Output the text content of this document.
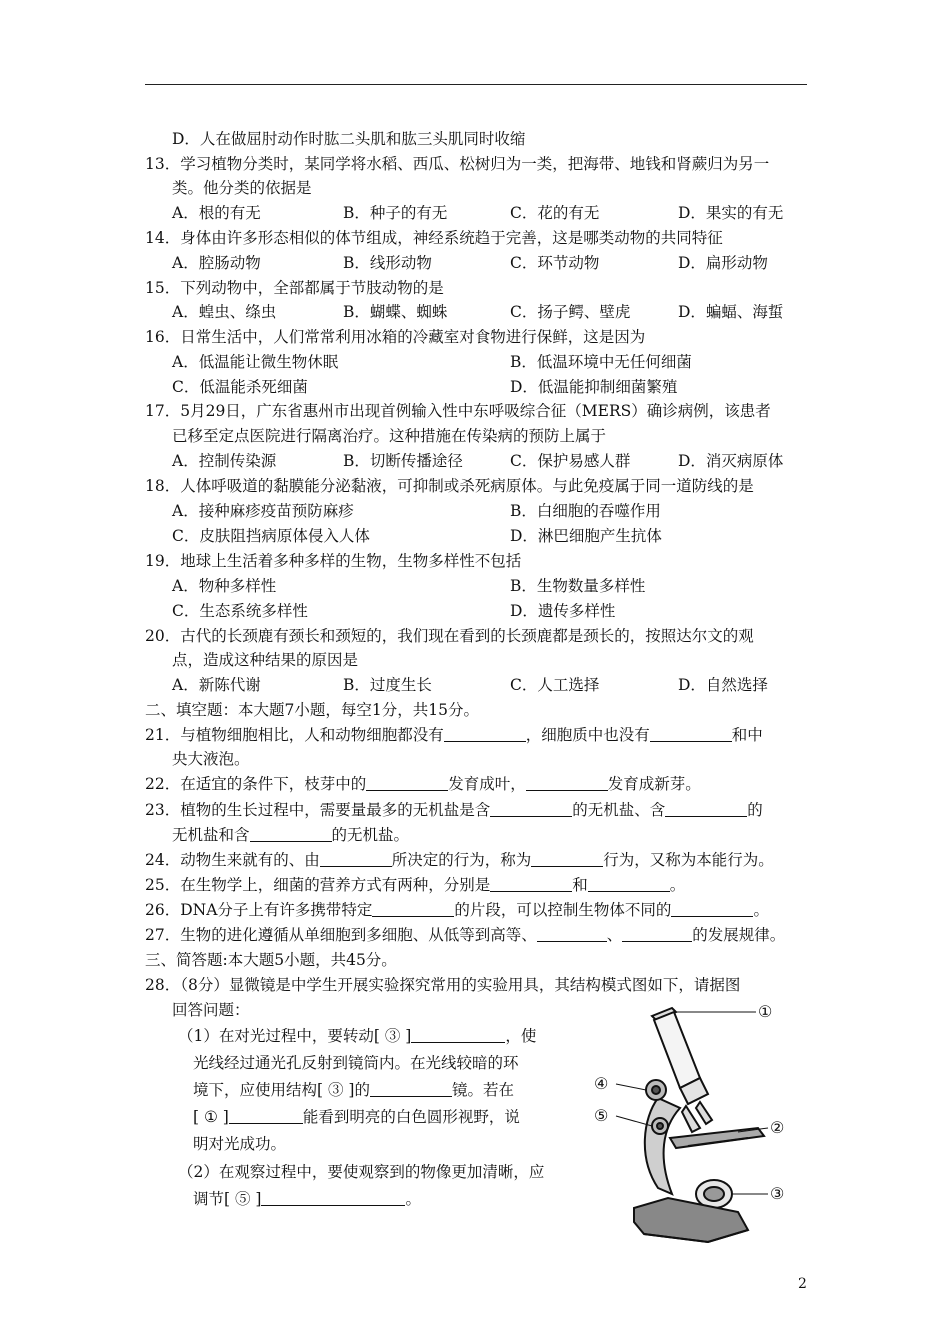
D．人在做屈肘动作时肱二头肌和肱三头肌同时收缩
13．学习植物分类时，某同学将水稻、西瓜、松树归为一类，把海带、地钱和肾蕨归为另一
类。他分类的依据是
A．根的有无	B．种子的有无	C．花的有无	D．果实的有无
14．身体由许多形态相似的体节组成，神经系统趋于完善，这是哪类动物的共同特征
A．腔肠动物	B．线形动物	C．环节动物	D．扁形动物
15．下列动物中，全部都属于节肢动物的是
A．蝗虫、绦虫	B．蝴蝶、蜘蛛	C．扬子鳄、壁虎	D．蝙蝠、海蜇
16．日常生活中，人们常常利用冰箱的冷藏室对食物进行保鲜，这是因为
A．低温能让微生物休眠	B．低温环境中无任何细菌
C．低温能杀死细菌	D．低温能抑制细菌繁殖
17．5月29日，广东省惠州市出现首例输入性中东呼吸综合征（MERS）确诊病例，该患者
已移至定点医院进行隔离治疗。这种措施在传染病的预防上属于
A．控制传染源	B．切断传播途径	C．保护易感人群	D．消灭病原体
18．人体呼吸道的黏膜能分泌黏液，可抑制或杀死病原体。与此免疫属于同一道防线的是
A．接种麻疹疫苗预防麻疹	B．白细胞的吞噬作用
C．皮肤阻挡病原体侵入人体	D．淋巴细胞产生抗体
19．地球上生活着多种多样的生物，生物多样性不包括
A．物种多样性	B．生物数量多样性
C．生态系统多样性	D．遗传多样性
20．古代的长颈鹿有颈长和颈短的，我们现在看到的长颈鹿都是颈长的，按照达尔文的观
点，造成这种结果的原因是
A．新陈代谢	B．过度生长	C．人工选择	D．自然选择
二、填空题：本大题7小题，每空1分，共15分。
21．与植物细胞相比，人和动物细胞都没有	，细胞质中也没有	和中
央大液泡。
22．在适宜的条件下，枝芽中的	发育成叶，	发育成新芽。
23．植物的生长过程中，需要量最多的无机盐是含	的无机盐、含	的
无机盐和含	的无机盐。
24．动物生来就有的、由	所决定的行为，称为	行为，又称为本能行为。
25．在生物学上，细菌的营养方式有两种，分别是	和	。
26．DNA分子上有许多携带特定	的片段，可以控制生物体不同的	。
27．生物的进化遵循从单细胞到多细胞、从低等到高等、	、	的发展规律。
三、简答题:本大题5小题，共45分。
28．（8分）显微镜是中学生开展实验探究常用的实验用具，其结构模式图如下，请据图
回答问题：
（1）在对光过程中，要转动[ ③ ]	，使
光线经过通光孔反射到镜筒内。在光线较暗的环
境下，应使用结构[ ③ ]的	镜。若在
[ ① ]	能看到明亮的白色圆形视野，说
明对光成功。
（2）在观察过程中，要使观察到的物像更加清晰，应
调节[ ⑤ ]	。
①
④
⑤
②
③
2
